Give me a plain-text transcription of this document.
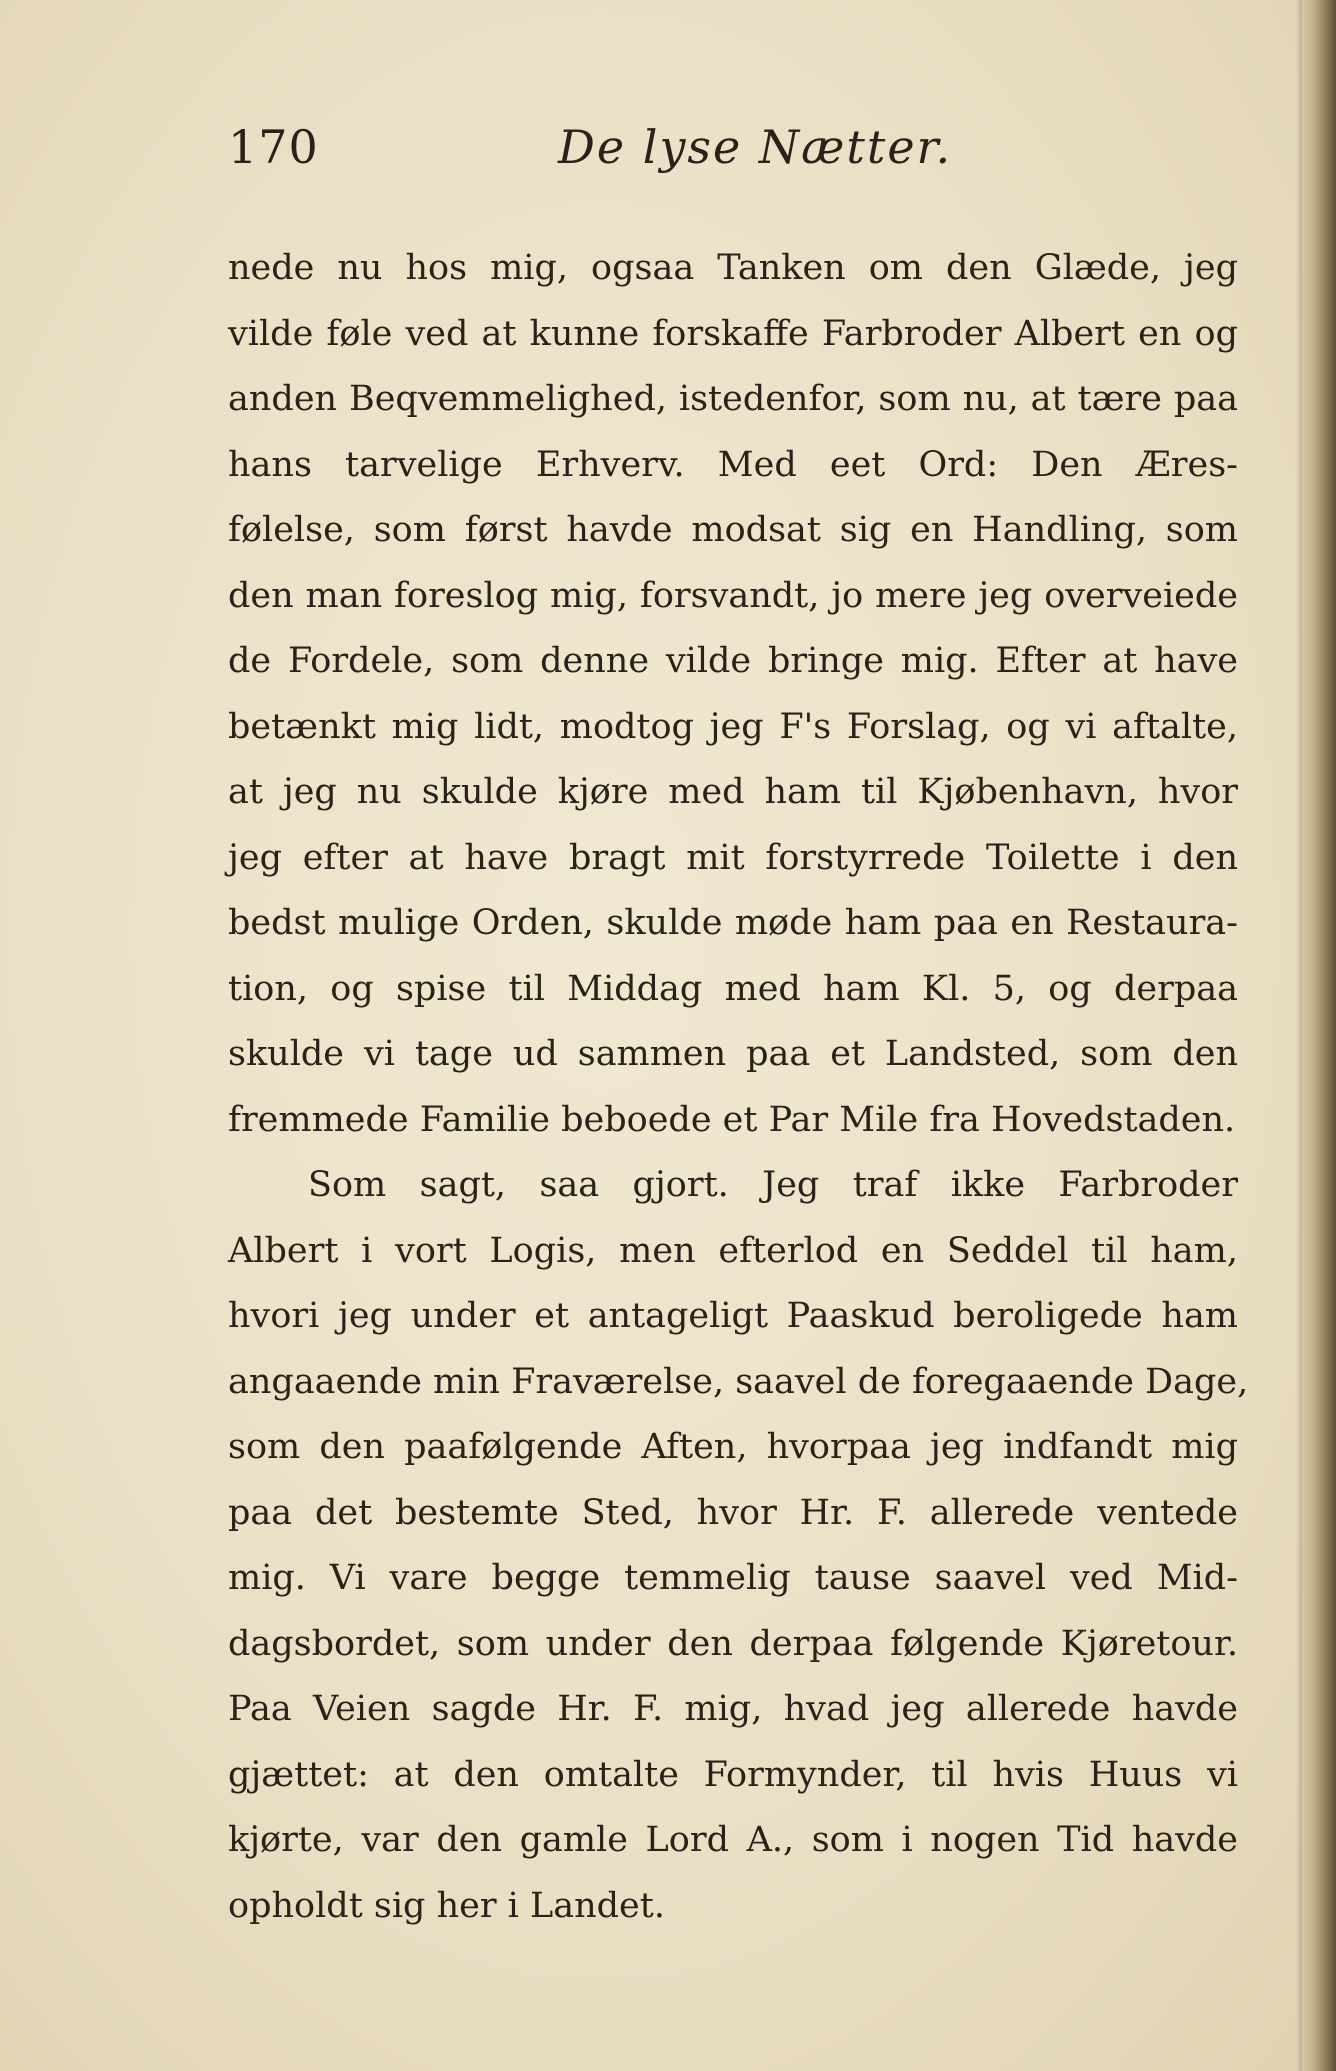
170	De lyse Nætter.
nede nu hos mig, ogsaa Tanken om den Glæde, jeg
vilde føle ved at kunne forskaffe Farbroder Albert en og
anden Beqvemmelighed, istedenfor, som nu, at tære paa
hans tarvelige Erhverv. Med eet Ord: Den Æres-
følelse, som først havde modsat sig en Handling, som
den man foreslog mig, forsvandt, jo mere jeg overveiede
de Fordele, som denne vilde bringe mig. Efter at have
betænkt mig lidt, modtog jeg F's Forslag, og vi aftalte,
at jeg nu skulde kjøre med ham til Kjøbenhavn, hvor
jeg efter at have bragt mit forstyrrede Toilette i den
bedst mulige Orden, skulde møde ham paa en Restaura-
tion, og spise til Middag med ham Kl. 5, og derpaa
skulde vi tage ud sammen paa et Landsted, som den
fremmede Familie beboede et Par Mile fra Hovedstaden.
Som sagt, saa gjort. Jeg traf ikke Farbroder
Albert i vort Logis, men efterlod en Seddel til ham,
hvori jeg under et antageligt Paaskud beroligede ham
angaaende min Fraværelse, saavel de foregaaende Dage,
som den paafølgende Aften, hvorpaa jeg indfandt mig
paa det bestemte Sted, hvor Hr. F. allerede ventede
mig. Vi vare begge temmelig tause saavel ved Mid-
dagsbordet, som under den derpaa følgende Kjøretour.
Paa Veien sagde Hr. F. mig, hvad jeg allerede havde
gjættet: at den omtalte Formynder, til hvis Huus vi
kjørte, var den gamle Lord A., som i nogen Tid havde
opholdt sig her i Landet.
